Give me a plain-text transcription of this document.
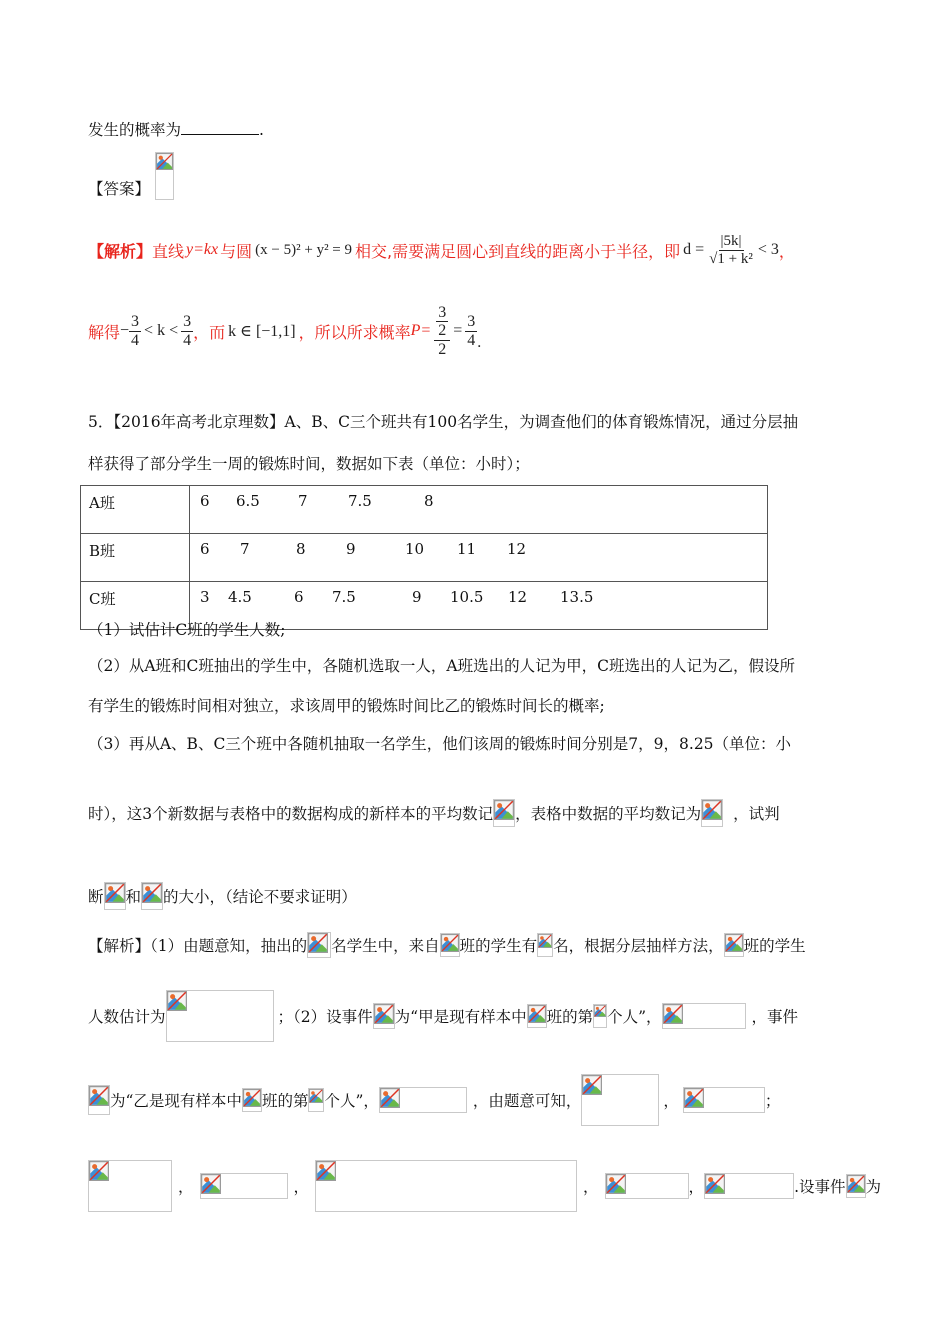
发生的概率为	.
【答案】
【解析】 直线 y=kx 与圆 (x − 5)² + y² = 9 相交,需要满足圆心到直线的距离小于半径，即 $d = \frac{|5k|}{\text{√1 + k²}} < 3$ ，
解得 − $\frac{3}{4} < k < \frac{3}{4}$ ，而 k ∈ [−1,1] ，所以所求概率 $P= \frac{\frac{3}{2}}{2} = \frac{3}{4}$ .
5．【2016年高考北京理数】A、B、C三个班共有100名学生，为调查他们的体育锻炼情况，通过分层抽
样获得了部分学生一周的锻炼时间，数据如下表（单位：小时）；
A班	6 6.5 7 7.5 8
B班	6 7 8 9 10 11 12
C班	3 4.5 6 7.5 9 10.5 12 13.5
（1）试估计C班的学生人数;
（2）从A班和C班抽出的学生中，各随机选取一人，A班选出的人记为甲，C班选出的人记为乙，假设所
有学生的锻炼时间相对独立，求该周甲的锻炼时间比乙的锻炼时间长的概率;
（3）再从A、B、C三个班中各随机抽取一名学生，他们该周的锻炼时间分别是7，9，8.25（单位：小
时），这3个新数据与表格中的数据构成的新样本的平均数记 ，表格中数据的平均数记为 ，试判
断 和 的大小，（结论不要求证明）
【解析】（1）由题意知，抽出的 名学生中，来自 班的学生有 名，根据分层抽样方法， 班的学生
人数估计为	；（2）设事件 为“甲是现有样本中 班的第 个人”，	，事件
为“乙是现有样本中 班的第 个人”，	，由题意可知，	，	；
，	，	，	，	.设事件 为
